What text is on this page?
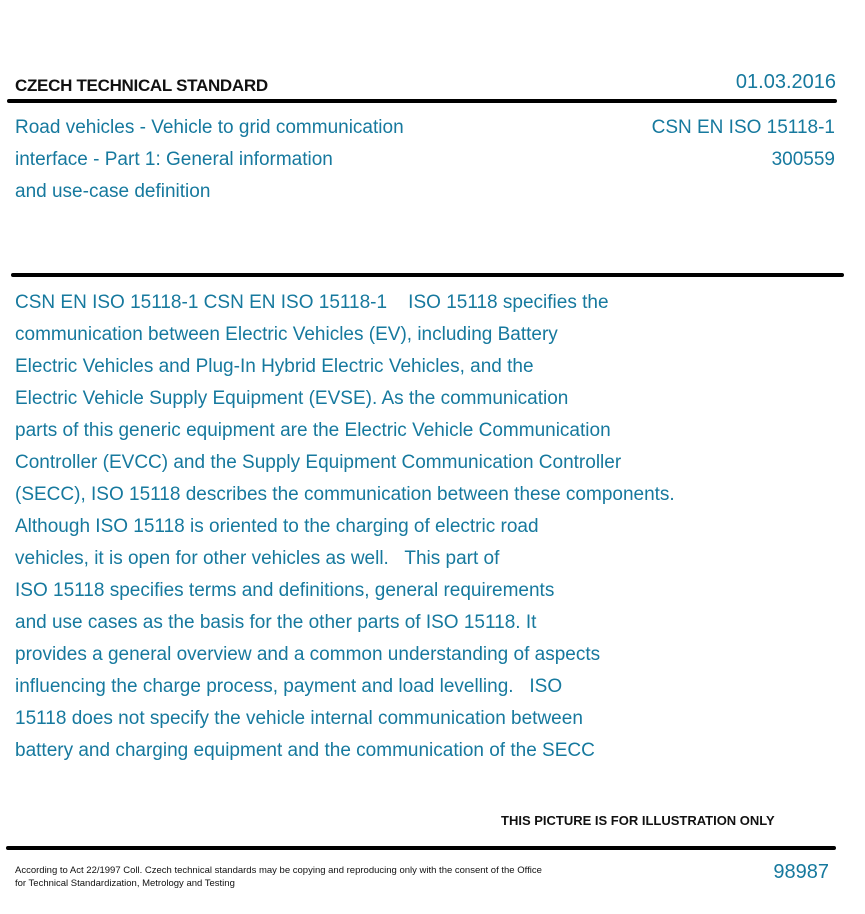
CZECH TECHNICAL STANDARD	01.03.2016
Road vehicles - Vehicle to grid communication
interface - Part 1: General information
and use-case definition
CSN EN ISO 15118-1
300559
CSN EN ISO 15118-1 CSN EN ISO 15118-1    ISO 15118 specifies the
communication between Electric Vehicles (EV), including Battery
Electric Vehicles and Plug-In Hybrid Electric Vehicles, and the
Electric Vehicle Supply Equipment (EVSE). As the communication
parts of this generic equipment are the Electric Vehicle Communication
Controller (EVCC) and the Supply Equipment Communication Controller
(SECC), ISO 15118 describes the communication between these components.
Although ISO 15118 is oriented to the charging of electric road
vehicles, it is open for other vehicles as well.   This part of
ISO 15118 specifies terms and definitions, general requirements
and use cases as the basis for the other parts of ISO 15118. It
provides a general overview and a common understanding of aspects
influencing the charge process, payment and load levelling.   ISO
15118 does not specify the vehicle internal communication between
battery and charging equipment and the communication of the SECC
THIS PICTURE IS FOR ILLUSTRATION ONLY
According to Act 22/1997 Coll. Czech technical standards may be copying and reproducing only with the consent of the Office
for Technical Standardization, Metrology and Testing
98987
